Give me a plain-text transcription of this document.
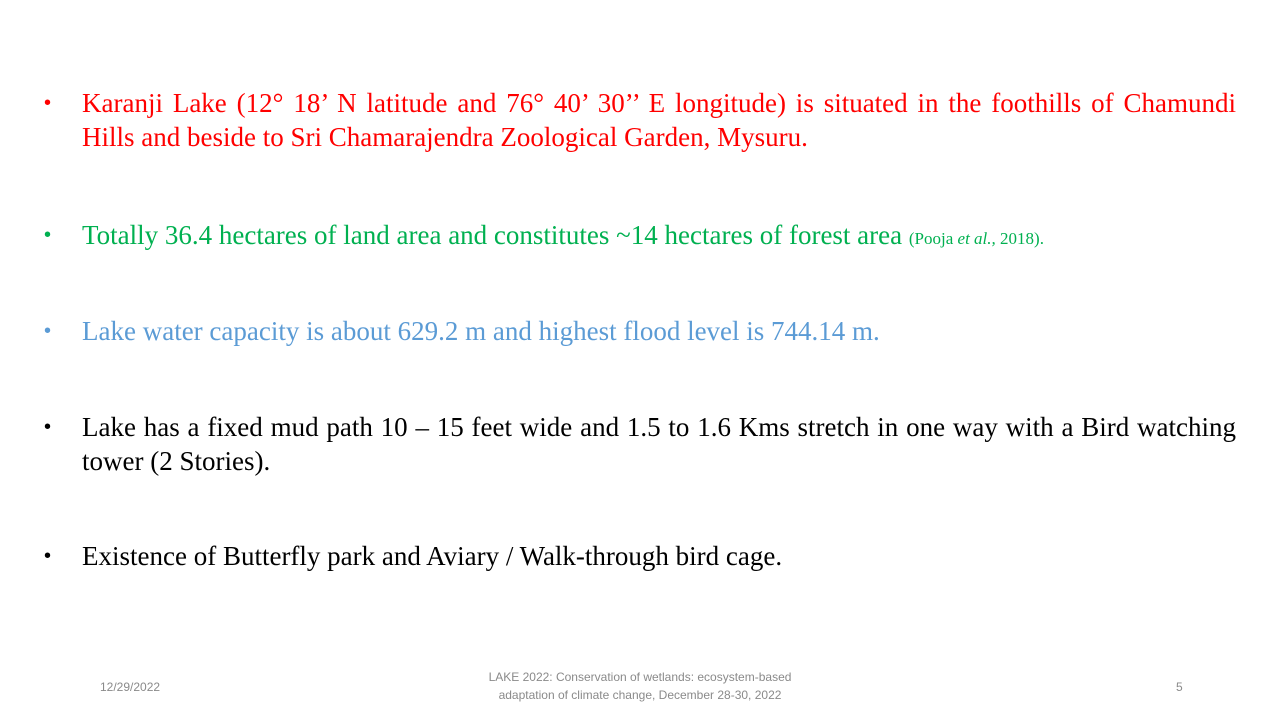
•	Karanji Lake (12° 18’ N latitude and 76° 40’ 30’’ E longitude) is situated in the foothills of Chamundi Hills and beside to Sri Chamarajendra Zoological Garden, Mysuru.
•	Totally 36.4 hectares of land area and constitutes ~14 hectares of forest area (Pooja et al., 2018).
•	Lake water capacity is about 629.2 m and highest flood level is 744.14 m.
•	Lake has a fixed mud path 10 – 15 feet wide and 1.5 to 1.6 Kms stretch in one way with a Bird watching tower (2 Stories).
•	Existence of Butterfly park and Aviary / Walk-through bird cage.
12/29/2022
LAKE 2022: Conservation of wetlands: ecosystem-based
adaptation of climate change, December 28-30, 2022
5
